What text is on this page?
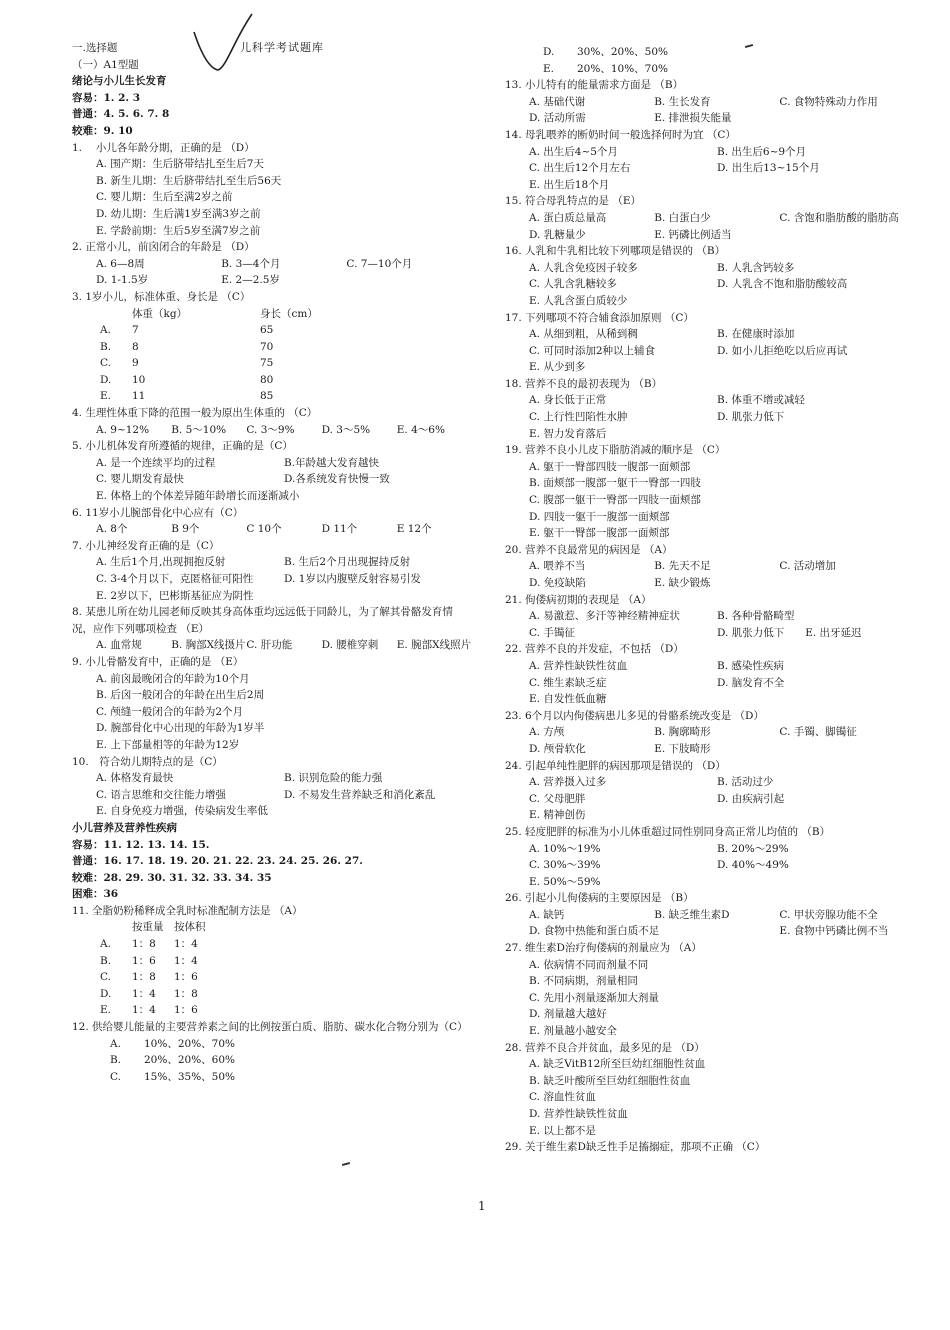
儿科学考试题库
一.选择题
（一）A1型题
绪论与小儿生长发育
容易：1. 2. 3
普通：4. 5. 6. 7. 8
较难：9. 10
1.　 小儿各年龄分期，正确的是 （D）
A. 围产期：生后脐带结扎至生后7天
B. 新生儿期：生后脐带结扎至生后56天
C. 婴儿期：生后至满2岁之前
D. 幼儿期：生后满1岁至满3岁之前
E. 学龄前期：生后5岁至满7岁之前
2. 正常小儿，前囟闭合的年龄是 （D）
A. 6—8周	B. 3—4个月	C. 7—10个月
D. 1-1.5岁	E. 2—2.5岁
3. 1岁小儿，标准体重、身长是 （C）
体重（kg）	身长（cm）
A.	7	65
B.	8	70
C.	9	75
D.	10	80
E.	11	85
4. 生理性体重下降的范围一般为原出生体重的 （C）
A. 9~12%	B. 5～10%	C. 3～9%	D. 3～5%	E. 4～6%
5. 小儿机体发育所遵循的规律，正确的是（C）
A. 是一个连续平均的过程	B.年龄越大发育越快
C. 婴儿期发育最快	D.各系统发育快慢一致
E. 体格上的个体差异随年龄增长而逐渐减小
6. 11岁小儿腕部骨化中心应有（C）
A. 8个	B 9个	C 10个	D 11个	E 12个
7. 小儿神经发育正确的是（C）
A. 生后1个月,出现拥抱反射	B. 生后2个月出现握持反射
C. 3-4个月以下，克匿格征可阳性	D. 1岁以内腹壁反射容易引发
E. 2岁以下，巴彬斯基征应为阴性
8. 某患儿所在幼儿园老师反映其身高体重均远远低于同龄儿，为了解其骨骼发育情况，应作下列哪项检查 （E）
A. 血常规	B. 胸部X线摄片 C. 肝功能	D. 腰椎穿刺	E. 腕部X线照片
9. 小儿骨骼发育中，正确的是 （E）
A. 前囟最晚闭合的年龄为10个月
B. 后囟一般闭合的年龄在出生后2周
C. 颅缝一般闭合的年龄为2个月
D. 腕部骨化中心出现的年龄为1岁半
E. 上下部量相等的年龄为12岁
10.　符合幼儿期特点的是（C）
A. 体格发育最快	B. 识别危险的能力强
C. 语言思维和交往能力增强	D. 不易发生营养缺乏和消化紊乱
E. 自身免疫力增强，传染病发生率低
小儿营养及营养性疾病
容易：11. 12. 13. 14. 15.
普通：16. 17. 18. 19. 20. 21. 22. 23. 24. 25. 26. 27.
较难：28. 29. 30. 31. 32. 33. 34. 35
困难：36
11. 全脂奶粉稀释成全乳时标准配制方法是 （A）
按重量	按体积
A.	1：8	1：4
B.	1：6	1：4
C.	1：8	1：6
D.	1：4	1：8
E.	1：4	1：6
12. 供给婴儿能量的主要营养素之间的比例按蛋白质、脂肪、碳水化合物分别为（C）
A.	10%、20%、70%
B.	20%、20%、60%
C.	15%、35%、50%
D.	30%、20%、50%
E.	20%、10%、70%
13. 小儿特有的能量需求方面是 （B）
A. 基础代谢	B. 生长发育	C. 食物特殊动力作用
D. 活动所需	E. 排泄损失能量
14. 母乳喂养的断奶时间一般选择何时为宜 （C）
A. 出生后4~5个月	B. 出生后6~9个月
C. 出生后12个月左右	D. 出生后13~15个月
E. 出生后18个月
15. 符合母乳特点的是 （E）
A. 蛋白质总量高	B. 白蛋白少	C. 含饱和脂肪酸的脂肪高
D. 乳糖量少	E. 钙磷比例适当
16. 人乳和牛乳相比较下列哪项是错误的 （B）
A. 人乳含免疫因子较多	B. 人乳含钙较多
C. 人乳含乳糖较多	D. 人乳含不饱和脂肪酸较高
E. 人乳含蛋白质较少
17. 下列哪项不符合辅食添加原则 （C）
A. 从细到粗，从稀到稠	B. 在健康时添加
C. 可同时添加2种以上辅食	D. 如小儿拒绝吃以后应再试
E. 从少到多
18. 营养不良的最初表现为 （B）
A. 身长低于正常	B. 体重不增或减轻
C. 上行性凹陷性水肿	D. 肌张力低下
E. 智力发育落后
19. 营养不良小儿皮下脂肪消减的顺序是 （C）
A. 躯干一臀部四肢一腹部一面颊部
B. 面颊部一腹部一躯干一臀部一四肢
C. 腹部一躯干一臀部一四肢一面颊部
D. 四肢一躯干一腹部一面颊部
E. 躯干一臀部一腹部一面颊部
20. 营养不良最常见的病因是 （A）
A. 喂养不当	B. 先天不足	C. 活动增加
D. 免疫缺陷	E. 缺少锻炼
21. 佝偻病初期的表现是 （A）
A. 易激惹、多汗等神经精神症状	B. 各种骨骼畸型
C. 手镯征	D. 肌张力低下　　E. 出牙延迟
22. 营养不良的并发症，不包括 （D）
A. 营养性缺铁性贫血	B. 感染性疾病
C. 维生素缺乏症	D. 脑发育不全
E. 自发性低血糖
23. 6个月以内佝偻病患儿多见的骨骼系统改变是 （D）
A. 方颅	B. 胸廓畸形	C. 手镯、脚镯征
D. 颅骨软化	E. 下肢畸形
24. 引起单纯性肥胖的病因那项是错误的 （D）
A. 营养摄入过多	B. 活动过少
C. 父母肥胖	D. 由疾病引起
E. 精神创伤
25. 轻度肥胖的标准为小儿体重超过同性别同身高正常儿均值的 （B）
A. 10%～19%	B. 20%～29%
C. 30%～39%	D. 40%～49%
E. 50%～59%
26. 引起小儿佝偻病的主要原因是 （B）
A. 缺钙	B. 缺乏维生素D	C. 甲状旁腺功能不全
D. 食物中热能和蛋白质不足	E. 食物中钙磷比例不当
27. 维生素D治疗佝偻病的剂量应为 （A）
A. 依病情不同而剂量不同
B. 不同病期，剂量相同
C. 先用小剂量逐渐加大剂量
D. 剂量越大越好
E. 剂量越小越安全
28. 营养不良合并贫血，最多见的是 （D）
A. 缺乏VitB12所至巨幼红细胞性贫血
B. 缺乏叶酸所至巨幼红细胞性贫血
C. 溶血性贫血
D. 营养性缺铁性贫血
E. 以上都不是
29. 关于维生素D缺乏性手足搐搦症，那项不正确 （C）
1
